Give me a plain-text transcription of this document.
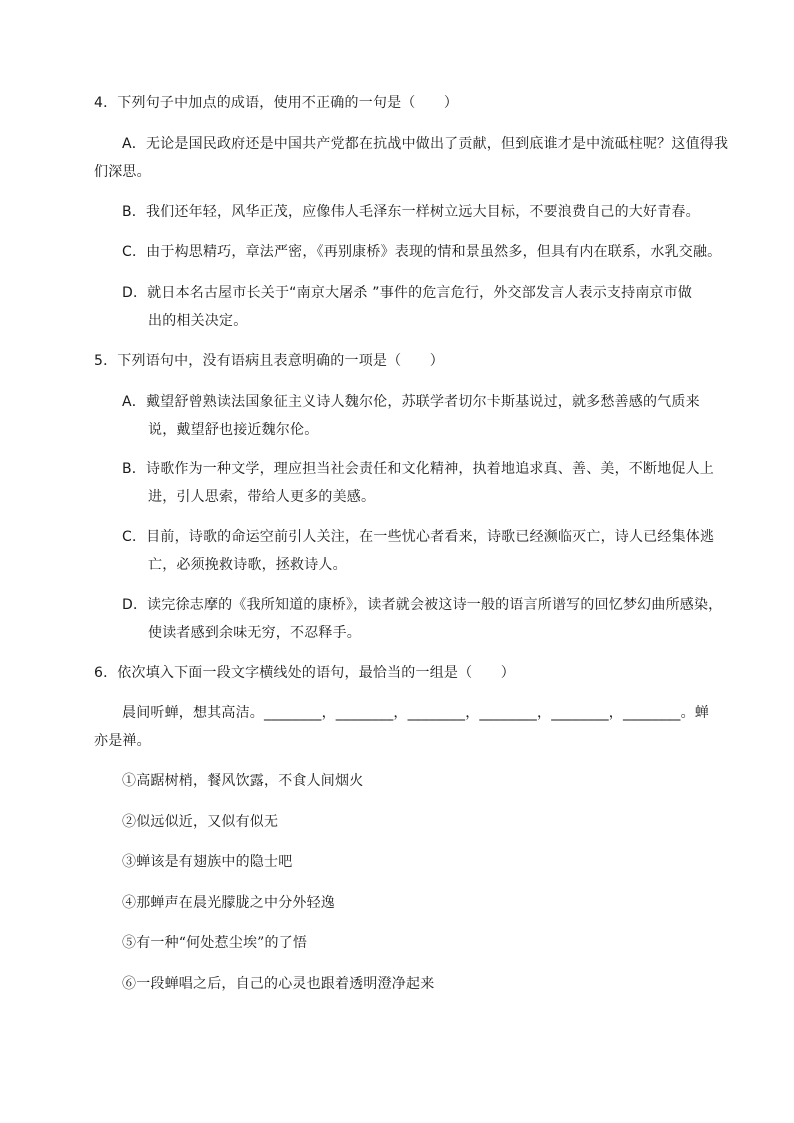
4．下列句子中加点的成语，使用不正确的一句是（　　）
A．无论是国民政府还是中国共产党都在抗战中做出了贡献，但到底谁才是中流砥柱呢？这值得我
们深思。
B．我们还年轻，风华正茂，应像伟人毛泽东一样树立远大目标，不要浪费自己的大好青春。
C．由于构思精巧，章法严密，《再别康桥》表现的情和景虽然多，但具有内在联系，水乳交融。
D．就日本名古屋市长关于“南京大屠杀 ”事件的危言危行，外交部发言人表示支持南京市做
出的相关决定。
5．下列语句中，没有语病且表意明确的一项是（　　）
A．戴望舒曾熟读法国象征主义诗人魏尔伦，苏联学者切尔卡斯基说过，就多愁善感的气质来
说，戴望舒也接近魏尔伦。
B．诗歌作为一种文学，理应担当社会责任和文化精神，执着地追求真、善、美，不断地促人上
进，引人思索，带给人更多的美感。
C．目前，诗歌的命运空前引人关注，在一些忧心者看来，诗歌已经濒临灭亡，诗人已经集体逃
亡，必须挽救诗歌，拯救诗人。
D．读完徐志摩的《我所知道的康桥》，读者就会被这诗一般的语言所谱写的回忆梦幻曲所感染，
使读者感到余味无穷，不忍释手。
6．依次填入下面一段文字横线处的语句，最恰当的一组是（　　）
晨间听蝉，想其高洁。________，________，________，________，________，________。蝉
亦是禅。
①高踞树梢，餐风饮露，不食人间烟火
②似远似近，又似有似无
③蝉该是有翅族中的隐士吧
④那蝉声在晨光朦胧之中分外轻逸
⑤有一种“何处惹尘埃”的了悟
⑥一段蝉唱之后，自己的心灵也跟着透明澄净起来
